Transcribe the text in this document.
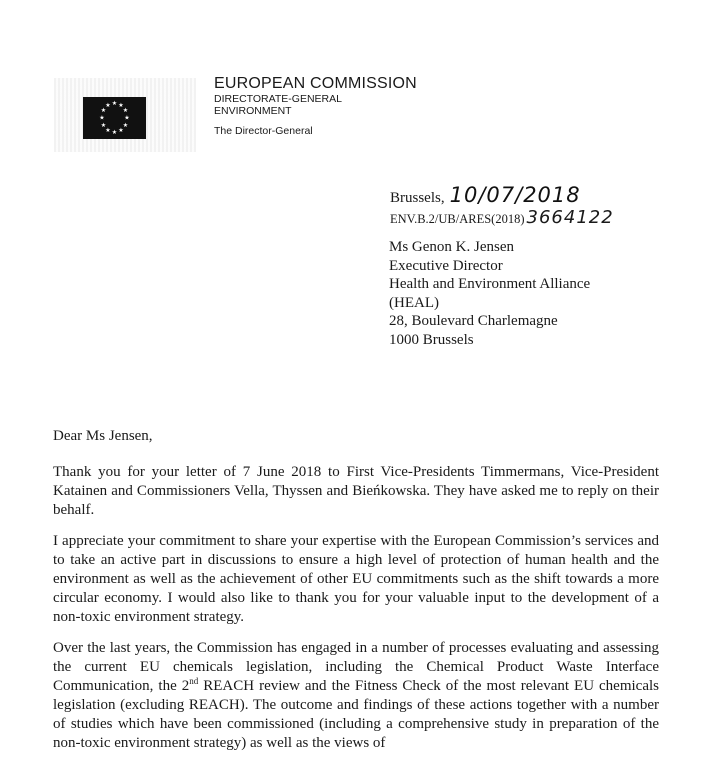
★ ★
★
★
★
★
★
★
★
★
★
★
EUROPEAN COMMISSION
DIRECTORATE-GENERAL
ENVIRONMENT
The Director-General
Brussels, 10/07/2018
ENV.B.2/UB/ARES(2018) 3664122
Ms Genon K. Jensen
Executive Director
Health and Environment Alliance
(HEAL)
28, Boulevard Charlemagne
1000 Brussels
Dear Ms Jensen,

Thank you for your letter of 7 June 2018 to First Vice-Presidents Timmermans, Vice-President Katainen and Commissioners Vella, Thyssen and Bieńkowska. They have asked me to reply on their behalf.

I appreciate your commitment to share your expertise with the European Commission’s services and to take an active part in discussions to ensure a high level of protection of human health and the environment as well as the achievement of other EU commitments such as the shift towards a more circular economy. I would also like to thank you for your valuable input to the development of a non-toxic environment strategy.

Over the last years, the Commission has engaged in a number of processes evaluating and assessing the current EU chemicals legislation, including the Chemical Product Waste Interface Communication, the 2nd REACH review and the Fitness Check of the most relevant EU chemicals legislation (excluding REACH). The outcome and findings of these actions together with a number of studies which have been commissioned (including a comprehensive study in preparation of the non-toxic environment strategy) as well as the views of
